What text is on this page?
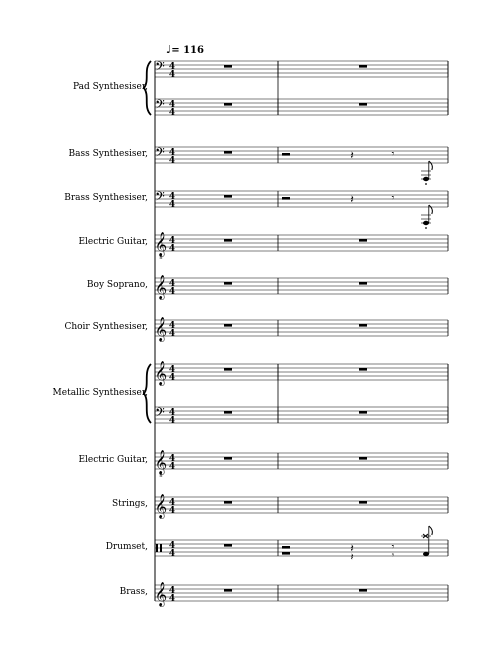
♩= 116
Pad Synthesiser,
Bass Synthesiser,
Brass Synthesiser,
Electric Guitar,
Boy Soprano,
Choir Synthesiser,
Metallic Synthesiser,
Electric Guitar,
Strings,
Drumset,
Brass,
𝄢 4
4
𝄢 4
4
𝄢 4
4	𝄽	𝄾
𝄢 4
4	𝄽	𝄾
𝄞
8
4
4
𝄞 4
4
𝄞 4
4
𝄞 4
4
𝄢 4
4
𝄞
8
4
4
𝄞 4
4
4
4	𝄽	𝄾
𝄽	𝄾
𝄞 4
4
